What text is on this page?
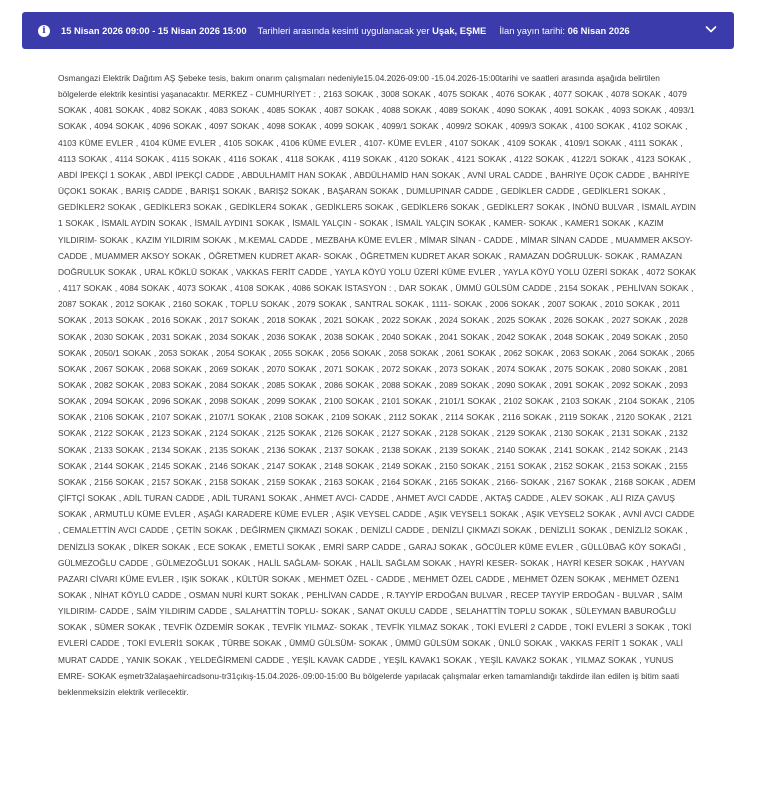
i	15 Nisan 2026 09:00 - 15 Nisan 2026 15:00 Tarihleri arasında kesinti uygulanacak yer Uşak, EŞME İlan yayın tarihi: 06 Nisan 2026
Osmangazi Elektrik Dağıtım AŞ Şebeke tesis, bakım onarım çalışmaları nedeniyle15.04.2026-09:00 -15.04.2026-15:00tarihi ve saatleri arasında aşağıda belirtilen bölgelerde elektrik kesintisi yaşanacaktır. MERKEZ - CUMHURİYET : , 2163 SOKAK , 3008 SOKAK , 4075 SOKAK , 4076 SOKAK , 4077 SOKAK , 4078 SOKAK , 4079 SOKAK , 4081 SOKAK , 4082 SOKAK , 4083 SOKAK , 4085 SOKAK , 4087 SOKAK , 4088 SOKAK , 4089 SOKAK , 4090 SOKAK , 4091 SOKAK , 4093 SOKAK , 4093/1 SOKAK , 4094 SOKAK , 4096 SOKAK , 4097 SOKAK , 4098 SOKAK , 4099 SOKAK , 4099/1 SOKAK , 4099/2 SOKAK , 4099/3 SOKAK , 4100 SOKAK , 4102 SOKAK , 4103 KÜME EVLER , 4104 KÜME EVLER , 4105 SOKAK , 4106 KÜME EVLER , 4107- KÜME EVLER , 4107 SOKAK , 4109 SOKAK , 4109/1 SOKAK , 4111 SOKAK , 4113 SOKAK , 4114 SOKAK , 4115 SOKAK , 4116 SOKAK , 4118 SOKAK , 4119 SOKAK , 4120 SOKAK , 4121 SOKAK , 4122 SOKAK , 4122/1 SOKAK , 4123 SOKAK , ABDİ İPEKÇİ 1 SOKAK , ABDİ İPEKÇİ CADDE , ABDULHAMİT HAN SOKAK , ABDÜLHAMİD HAN SOKAK , AVNİ URAL CADDE , BAHRİYE ÜÇOK CADDE , BAHRİYE ÜÇOK1 SOKAK , BARIŞ CADDE , BARIŞ1 SOKAK , BARIŞ2 SOKAK , BAŞARAN SOKAK , DUMLUPINAR CADDE , GEDİKLER CADDE , GEDİKLER1 SOKAK , GEDİKLER2 SOKAK , GEDİKLER3 SOKAK , GEDİKLER4 SOKAK , GEDİKLER5 SOKAK , GEDİKLER6 SOKAK , GEDİKLER7 SOKAK , İNÖNÜ BULVAR , İSMAİL AYDIN 1 SOKAK , İSMAİL AYDIN SOKAK , İSMAİL AYDIN1 SOKAK , İSMAİL YALÇIN - SOKAK , İSMAİL YALÇIN SOKAK , KAMER- SOKAK , KAMER1 SOKAK , KAZIM YILDIRIM- SOKAK , KAZIM YILDIRIM SOKAK , M.KEMAL CADDE , MEZBAHA KÜME EVLER , MİMAR SİNAN - CADDE , MİMAR SİNAN CADDE , MUAMMER AKSOY- CADDE , MUAMMER AKSOY SOKAK , ÖĞRETMEN KUDRET AKAR- SOKAK , ÖĞRETMEN KUDRET AKAR SOKAK , RAMAZAN DOĞRULUK- SOKAK , RAMAZAN DOĞRULUK SOKAK , URAL KÖKLÜ SOKAK , VAKKAS FERİT CADDE , YAYLA KÖYÜ YOLU ÜZERİ KÜME EVLER , YAYLA KÖYÜ YOLU ÜZERİ SOKAK , 4072 SOKAK , 4117 SOKAK , 4084 SOKAK , 4073 SOKAK , 4108 SOKAK , 4086 SOKAK İSTASYON : , DAR SOKAK , ÜMMÜ GÜLSÜM CADDE , 2154 SOKAK , PEHLİVAN SOKAK , 2087 SOKAK , 2012 SOKAK , 2160 SOKAK , TOPLU SOKAK , 2079 SOKAK , SANTRAL SOKAK , 1111- SOKAK , 2006 SOKAK , 2007 SOKAK , 2010 SOKAK , 2011 SOKAK , 2013 SOKAK , 2016 SOKAK , 2017 SOKAK , 2018 SOKAK , 2021 SOKAK , 2022 SOKAK , 2024 SOKAK , 2025 SOKAK , 2026 SOKAK , 2027 SOKAK , 2028 SOKAK , 2030 SOKAK , 2031 SOKAK , 2034 SOKAK , 2036 SOKAK , 2038 SOKAK , 2040 SOKAK , 2041 SOKAK , 2042 SOKAK , 2048 SOKAK , 2049 SOKAK , 2050 SOKAK , 2050/1 SOKAK , 2053 SOKAK , 2054 SOKAK , 2055 SOKAK , 2056 SOKAK , 2058 SOKAK , 2061 SOKAK , 2062 SOKAK , 2063 SOKAK , 2064 SOKAK , 2065 SOKAK , 2067 SOKAK , 2068 SOKAK , 2069 SOKAK , 2070 SOKAK , 2071 SOKAK , 2072 SOKAK , 2073 SOKAK , 2074 SOKAK , 2075 SOKAK , 2080 SOKAK , 2081 SOKAK , 2082 SOKAK , 2083 SOKAK , 2084 SOKAK , 2085 SOKAK , 2086 SOKAK , 2088 SOKAK , 2089 SOKAK , 2090 SOKAK , 2091 SOKAK , 2092 SOKAK , 2093 SOKAK , 2094 SOKAK , 2096 SOKAK , 2098 SOKAK , 2099 SOKAK , 2100 SOKAK , 2101 SOKAK , 2101/1 SOKAK , 2102 SOKAK , 2103 SOKAK , 2104 SOKAK , 2105 SOKAK , 2106 SOKAK , 2107 SOKAK , 2107/1 SOKAK , 2108 SOKAK , 2109 SOKAK , 2112 SOKAK , 2114 SOKAK , 2116 SOKAK , 2119 SOKAK , 2120 SOKAK , 2121 SOKAK , 2122 SOKAK , 2123 SOKAK , 2124 SOKAK , 2125 SOKAK , 2126 SOKAK , 2127 SOKAK , 2128 SOKAK , 2129 SOKAK , 2130 SOKAK , 2131 SOKAK , 2132 SOKAK , 2133 SOKAK , 2134 SOKAK , 2135 SOKAK , 2136 SOKAK , 2137 SOKAK , 2138 SOKAK , 2139 SOKAK , 2140 SOKAK , 2141 SOKAK , 2142 SOKAK , 2143 SOKAK , 2144 SOKAK , 2145 SOKAK , 2146 SOKAK , 2147 SOKAK , 2148 SOKAK , 2149 SOKAK , 2150 SOKAK , 2151 SOKAK , 2152 SOKAK , 2153 SOKAK , 2155 SOKAK , 2156 SOKAK , 2157 SOKAK , 2158 SOKAK , 2159 SOKAK , 2163 SOKAK , 2164 SOKAK , 2165 SOKAK , 2166- SOKAK , 2167 SOKAK , 2168 SOKAK , ADEM ÇİFTÇİ SOKAK , ADİL TURAN CADDE , ADİL TURAN1 SOKAK , AHMET AVCI- CADDE , AHMET AVCI CADDE , AKTAŞ CADDE , ALEV SOKAK , ALİ RIZA ÇAVUŞ SOKAK , ARMUTLU KÜME EVLER , AŞAĞI KARADERE KÜME EVLER , AŞIK VEYSEL CADDE , AŞIK VEYSEL1 SOKAK , AŞIK VEYSEL2 SOKAK , AVNİ AVCI CADDE , CEMALETTİN AVCI CADDE , ÇETİN SOKAK , DEĞİRMEN ÇIKMAZI SOKAK , DENİZLİ CADDE , DENİZLİ ÇIKMAZI SOKAK , DENİZLİ1 SOKAK , DENİZLİ2 SOKAK , DENİZLİ3 SOKAK , DİKER SOKAK , ECE SOKAK , EMETLİ SOKAK , EMRİ SARP CADDE , GARAJ SOKAK , GÖCÜLER KÜME EVLER , GÜLLÜBAĞ KÖY SOKAĞI , GÜLMEZOĞLU CADDE , GÜLMEZOĞLU1 SOKAK , HALİL SAĞLAM- SOKAK , HALİL SAĞLAM SOKAK , HAYRİ KESER- SOKAK , HAYRİ KESER SOKAK , HAYVAN PAZARI CİVARI KÜME EVLER , IŞIK SOKAK , KÜLTÜR SOKAK , MEHMET ÖZEL - CADDE , MEHMET ÖZEL CADDE , MEHMET ÖZEN SOKAK , MEHMET ÖZEN1 SOKAK , NİHAT KÖYLÜ CADDE , OSMAN NURİ KURT SOKAK , PEHLİVAN CADDE , R.TAYYİP ERDOĞAN BULVAR , RECEP TAYYİP ERDOĞAN - BULVAR , SAİM YILDIRIM- CADDE , SAİM YILDIRIM CADDE , SALAHATTİN TOPLU- SOKAK , SANAT OKULU CADDE , SELAHATTİN TOPLU SOKAK , SÜLEYMAN BABUROĞLU SOKAK , SÜMER SOKAK , TEVFİK ÖZDEMİR SOKAK , TEVFİK YILMAZ- SOKAK , TEVFİK YILMAZ SOKAK , TOKİ EVLERİ 2 CADDE , TOKİ EVLERİ 3 SOKAK , TOKİ EVLERİ CADDE , TOKİ EVLERİ1 SOKAK , TÜRBE SOKAK , ÜMMÜ GÜLSÜM- SOKAK , ÜMMÜ GÜLSÜM SOKAK , ÜNLÜ SOKAK , VAKKAS FERİT 1 SOKAK , VALİ MURAT CADDE , YANIK SOKAK , YELDEĞİRMENİ CADDE , YEŞİL KAVAK CADDE , YEŞİL KAVAK1 SOKAK , YEŞİL KAVAK2 SOKAK , YILMAZ SOKAK , YUNUS EMRE- SOKAK eşmetr32alaşaehircadsonu-tr31çıkış-15.04.2026-.09:00-15:00 Bu bölgelerde yapılacak çalışmalar erken tamamlandığı takdirde ilan edilen iş bitim saati beklenmeksizin elektrik verilecektir.
